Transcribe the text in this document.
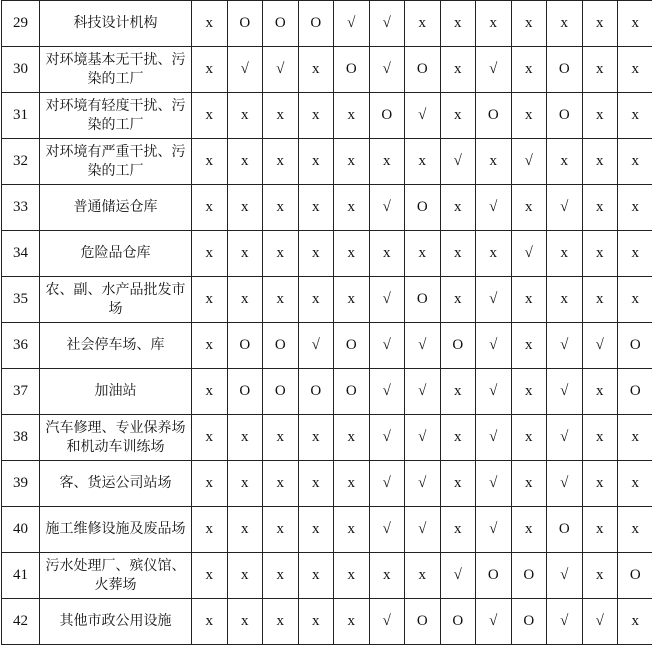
29	科技设计机构	x	O	O	O	√	√	x	x	x	x	x	x	x
30	对环境基本无干扰、污染的工厂	x	√	√	x	O	√	O	x	√	x	O	x	x
31	对环境有轻度干扰、污染的工厂	x	x	x	x	x	O	√	x	O	x	O	x	x
32	对环境有严重干扰、污染的工厂	x	x	x	x	x	x	x	√	x	√	x	x	x
33	普通储运仓库	x	x	x	x	x	√	O	x	√	x	√	x	x
34	危险品仓库	x	x	x	x	x	x	x	x	x	√	x	x	x
35	农、副、水产品批发市场	x	x	x	x	x	√	O	x	√	x	x	x	x
36	社会停车场、库	x	O	O	√	O	√	√	O	√	x	√	√	O
37	加油站	x	O	O	O	O	√	√	x	√	x	√	x	O
38	汽车修理、专业保养场和机动车训练场	x	x	x	x	x	√	√	x	√	x	√	x	x
39	客、货运公司站场	x	x	x	x	x	√	√	x	√	x	√	x	x
40	施工维修设施及废品场	x	x	x	x	x	√	√	x	√	x	O	x	x
41	污水处理厂、殡仪馆、火葬场	x	x	x	x	x	x	x	√	O	O	√	x	O
42	其他市政公用设施	x	x	x	x	x	√	O	O	√	O	√	√	x
